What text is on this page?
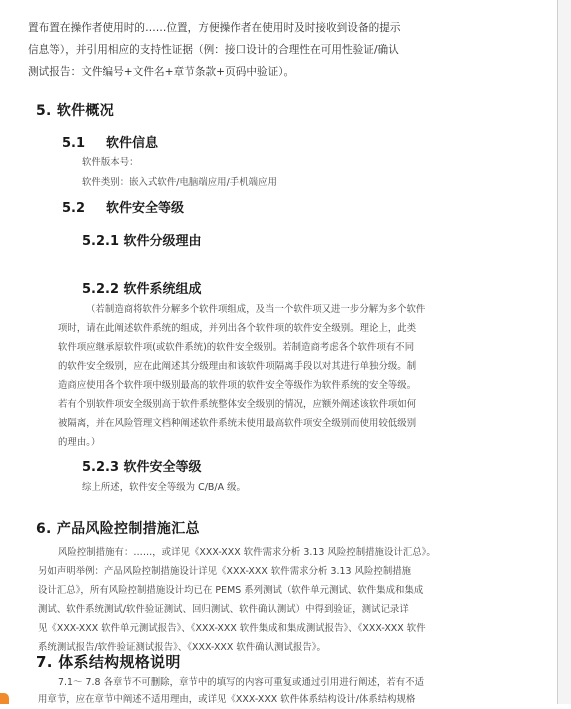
置布置在操作者使用时的……位置，方便操作者在使用时及时接收到设备的提示

信息等），并引用相应的支持性证据（例：接口设计的合理性在可用性验证/确认

测试报告：文件编号+文件名+章节条款+页码中验证）。

5. 软件概况
5.1 软件信息

软件版本号：

软件类别：嵌入式软件/电脑端应用/手机端应用

5.2 软件安全等级
5.2.1 软件分级理由
5.2.2 软件系统组成

（若制造商将软件分解多个软件项组成，及当一个软件项又进一步分解为多个软件

项时，请在此阐述软件系统的组成，并列出各个软件项的软件安全级别。理论上，此类

软件项应继承原软件项(或软件系统)的软件安全级别。若制造商考虑各个软件项有不同

的软件安全级别，应在此阐述其分级理由和该软件项隔离手段以对其进行单独分级。制

造商应使用各个软件项中级别最高的软件项的软件安全等级作为软件系统的安全等级。

若有个别软件项安全级别高于软件系统整体安全级别的情况，应额外阐述该软件项如何

被隔离，并在风险管理文档种阐述软件系统未使用最高软件项安全级别而使用较低级别

的理由。）

5.2.3 软件安全等级

综上所述，软件安全等级为 C/B/A 级。

6. 产品风险控制措施汇总

风险控制措施有：……，或详见《XXX-XXX 软件需求分析 3.13 风险控制措施设计汇总》。

另如声明举例：产品风险控制措施设计详见《XXX-XXX 软件需求分析 3.13 风险控制措施

设计汇总》，所有风险控制措施设计均已在 PEMS 系列测试（软件单元测试、软件集成和集成

测试、软件系统测试/软件验证测试、回归测试、软件确认测试）中得到验证，测试记录详

见《XXX-XXX 软件单元测试报告》、《XXX-XXX 软件集成和集成测试报告》、《XXX-XXX 软件

系统测试报告/软件验证测试报告》、《XXX-XXX 软件确认测试报告》。

7. 体系结构规格说明

7.1～ 7.8 各章节不可删除，章节中的填写的内容可重复或通过引用进行阐述，若有不适

用章节，应在章节中阐述不适用理由，或详见《XXX-XXX 软件体系结构设计/体系结构规格
